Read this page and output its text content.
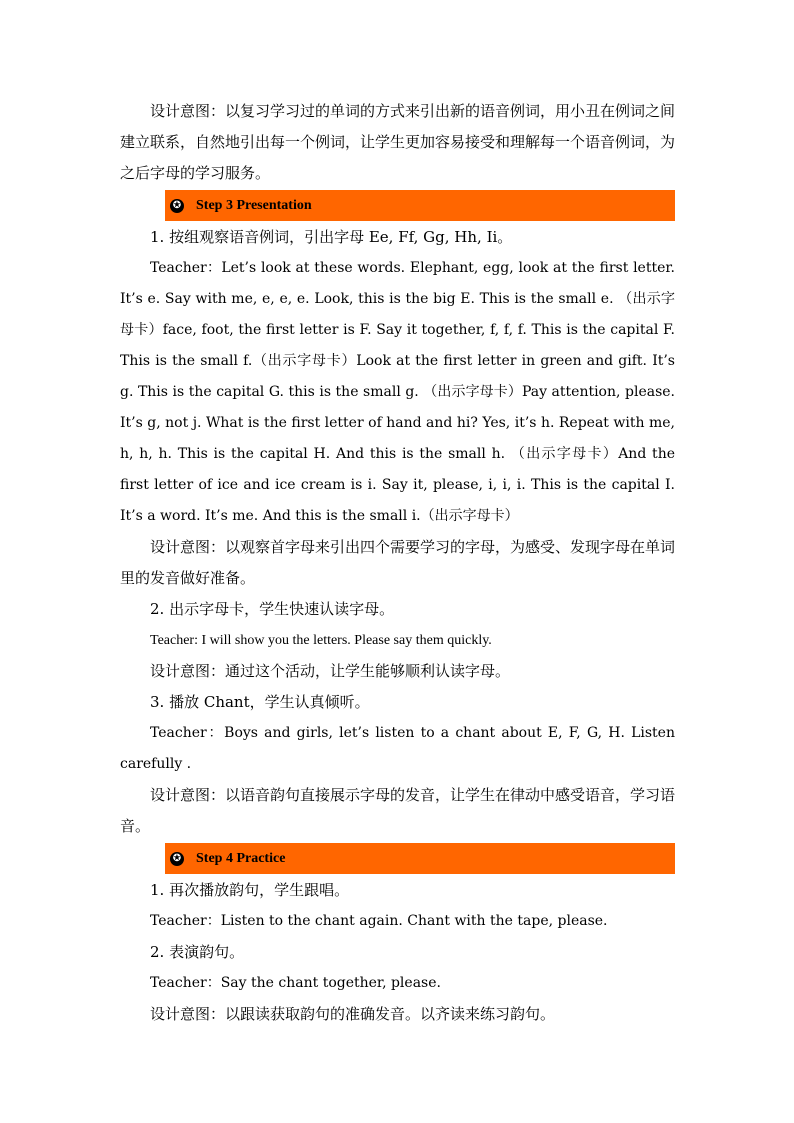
设计意图：以复习学习过的单词的方式来引出新的语音例词，用小丑在例词之间建立联系，自然地引出每一个例词，让学生更加容易接受和理解每一个语音例词，为之后字母的学习服务。

✪ Step 3 Presentation

1. 按组观察语音例词，引出字母 Ee, Ff, Gg, Hh, Ii。

Teacher：Let’s look at these words. Elephant, egg, look at the first letter. It’s e. Say with me, e, e, e. Look, this is the big E. This is the small e. （出示字母卡）face, foot, the first letter is F. Say it together, f, f, f. This is the capital F. This is the small f.（出示字母卡）Look at the first letter in green and gift. It’s g. This is the capital G. this is the small g. （出示字母卡）Pay attention, please. It’s g, not j. What is the first letter of hand and hi? Yes, it’s h. Repeat with me, h, h, h. This is the capital H. And this is the small h. （出示字母卡）And the first letter of ice and ice cream is i. Say it, please, i, i, i. This is the capital I. It’s a word. It’s me. And this is the small i.（出示字母卡）

设计意图：以观察首字母来引出四个需要学习的字母，为感受、发现字母在单词里的发音做好准备。

2. 出示字母卡，学生快速认读字母。

Teacher: I will show you the letters. Please say them quickly.

设计意图：通过这个活动，让学生能够顺利认读字母。

3. 播放 Chant，学生认真倾听。

Teacher：Boys and girls, let’s listen to a chant about E, F, G, H. Listen carefully .

设计意图：以语音韵句直接展示字母的发音，让学生在律动中感受语音，学习语音。

✪ Step 4 Practice

1. 再次播放韵句，学生跟唱。

Teacher：Listen to the chant again. Chant with the tape, please.

2. 表演韵句。

Teacher：Say the chant together, please.

设计意图：以跟读获取韵句的准确发音。以齐读来练习韵句。
